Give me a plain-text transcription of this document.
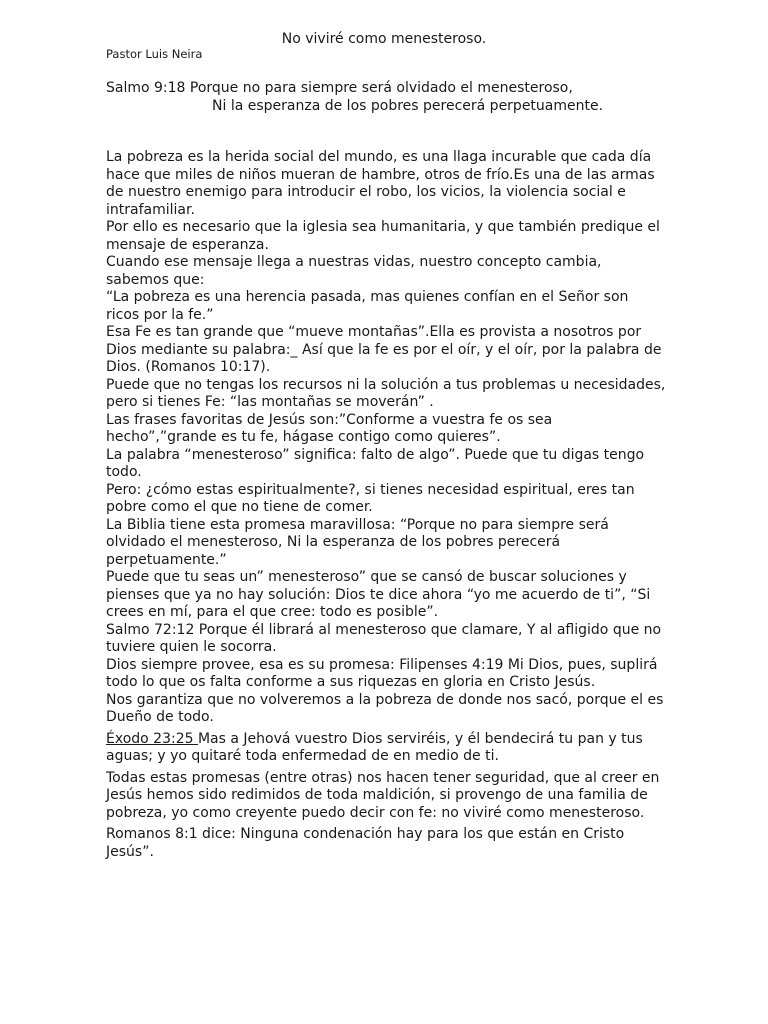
No viviré como menesteroso.
Pastor Luis Neira
Salmo 9:18 Porque no para siempre será olvidado el menesteroso,
Ni la esperanza de los pobres perecerá perpetuamente.

La pobreza es la herida social del mundo, es una llaga incurable que cada día hace que miles de niños mueran de hambre, otros de frío.Es una de las armas de nuestro enemigo para introducir el robo, los vicios, la violencia social e intrafamiliar.

Por ello es necesario que la iglesia sea humanitaria, y que también predique el mensaje de esperanza.

Cuando ese mensaje llega a nuestras vidas, nuestro concepto cambia, sabemos que:

“La pobreza es una herencia pasada, mas quienes confían en el Señor son ricos por la fe.”

Esa Fe es tan grande que “mueve montañas”.Ella es provista a nosotros por Dios mediante su palabra:_ Así que la fe es por el oír, y el oír, por la palabra de Dios. (Romanos 10:17).

Puede que no tengas los recursos ni la solución a tus problemas u necesidades, pero si tienes Fe: “las montañas se moverán” .

Las frases favoritas de Jesús son:”Conforme a vuestra fe os sea hecho”,”grande es tu fe, hágase contigo como quieres”.

La palabra “menesteroso” significa: falto de algo”. Puede que tu digas tengo todo.

Pero: ¿cómo estas espiritualmente?, si tienes necesidad espiritual, eres tan pobre como el que no tiene de comer.

La Biblia tiene esta promesa maravillosa: “Porque no para siempre será olvidado el menesteroso, Ni la esperanza de los pobres perecerá perpetuamente.”

Puede que tu seas un” menesteroso” que se cansó de buscar soluciones y pienses que ya no hay solución: Dios te dice ahora “yo me acuerdo de ti”, “Si crees en mí, para el que cree: todo es posible”.

Salmo 72:12 Porque él librará al menesteroso que clamare, Y al afligido que no tuviere quien le socorra.

Dios siempre provee, esa es su promesa: Filipenses 4:19 Mi Dios, pues, suplirá todo lo que os falta conforme a sus riquezas en gloria en Cristo Jesús.

Nos garantiza que no volveremos a la pobreza de donde nos sacó, porque el es Dueño de todo.

Éxodo 23:25 Mas a Jehová vuestro Dios serviréis, y él bendecirá tu pan y tus aguas; y yo quitaré toda enfermedad de en medio de ti.

Todas estas promesas (entre otras) nos hacen tener seguridad, que al creer en Jesús hemos sido redimidos de toda maldición, si provengo de una familia de pobreza, yo como creyente puedo decir con fe: no viviré como menesteroso.

Romanos 8:1 dice: Ninguna condenación hay para los que están en Cristo Jesús”.
